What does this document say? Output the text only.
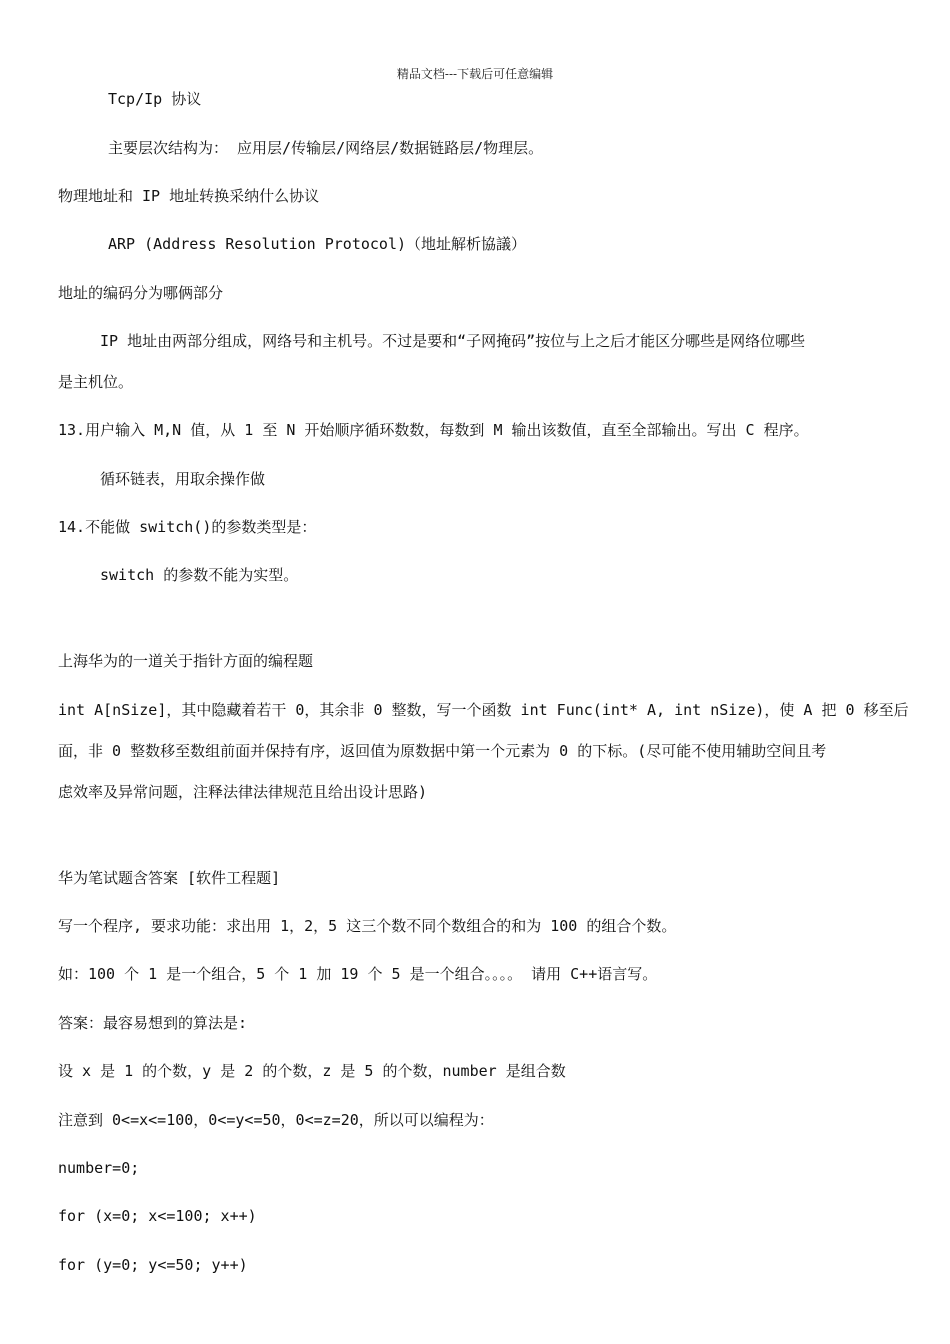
精品文档---下载后可任意编辑
Tcp/Ip 协议
主要层次结构为： 应用层/传输层/网络层/数据链路层/物理层。
物理地址和 IP 地址转换采纳什么协议
ARP (Address Resolution Protocol)（地址解析協議）
地址的编码分为哪俩部分
IP 地址由两部分组成，网络号和主机号。不过是要和“子网掩码”按位与上之后才能区分哪些是网络位哪些
是主机位。
13.用户输入 M,N 值，从 1 至 N 开始顺序循环数数，每数到 M 输出该数值，直至全部输出。写出 C 程序。
循环链表，用取余操作做
14.不能做 switch()的参数类型是：
switch 的参数不能为实型。
上海华为的一道关于指针方面的编程题
int A[nSize]，其中隐藏着若干 0，其余非 0 整数，写一个函数 int Func(int* A, int nSize)，使 A 把 0 移至后
面，非 0 整数移至数组前面并保持有序，返回值为原数据中第一个元素为 0 的下标。(尽可能不使用辅助空间且考
虑效率及异常问题，注释法律法律规范且给出设计思路)
华为笔试题含答案 [软件工程题]
写一个程序, 要求功能：求出用 1，2，5 这三个数不同个数组合的和为 100 的组合个数。
如：100 个 1 是一个组合，5 个 1 加 19 个 5 是一个组合。。。。 请用 C++语言写。
答案：最容易想到的算法是:
设 x 是 1 的个数，y 是 2 的个数，z 是 5 的个数，number 是组合数
注意到 0<=x<=100，0<=y<=50，0<=z=20，所以可以编程为：
number=0;
for (x=0; x<=100; x++)
for (y=0; y<=50; y++)
